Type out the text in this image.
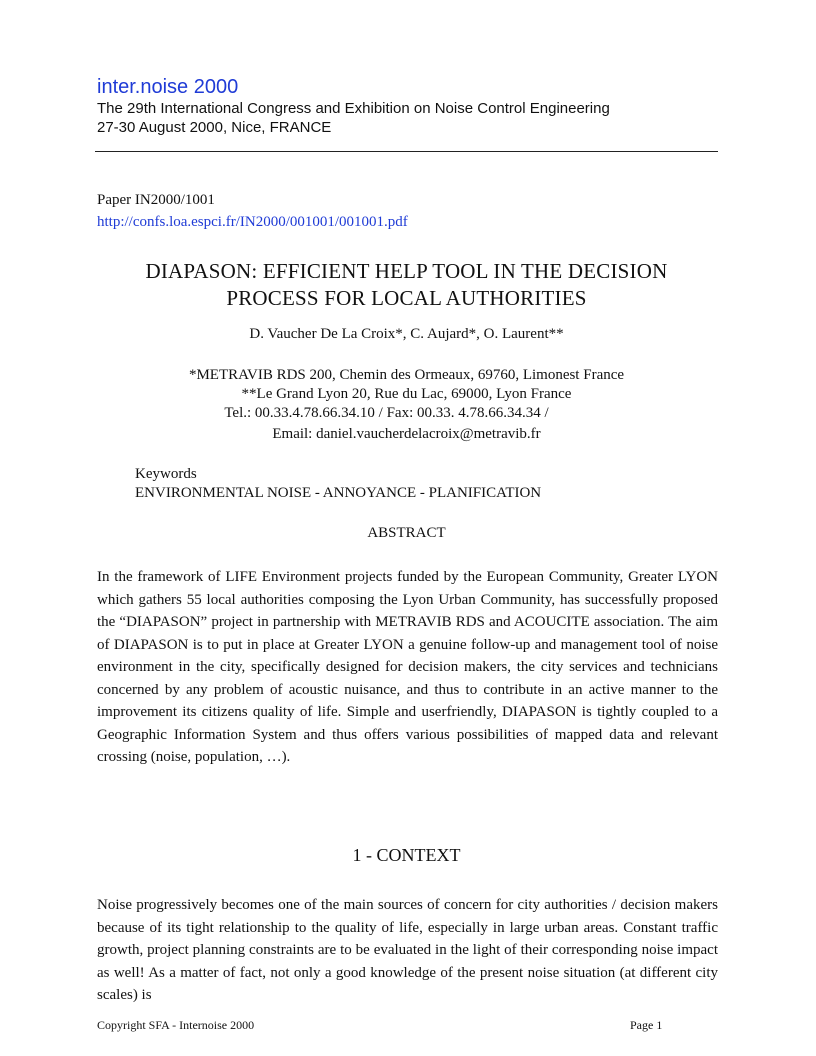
inter.noise 2000
The 29th International Congress and Exhibition on Noise Control Engineering
27-30 August 2000, Nice, FRANCE
Paper IN2000/1001
http://confs.loa.espci.fr/IN2000/001001/001001.pdf
DIAPASON: EFFICIENT HELP TOOL IN THE DECISION
PROCESS FOR LOCAL AUTHORITIES
D. Vaucher De La Croix*, C. Aujard*, O. Laurent**
*METRAVIB RDS 200, Chemin des Ormeaux, 69760, Limonest France
**Le Grand Lyon 20, Rue du Lac, 69000, Lyon France
Tel.: 00.33.4.78.66.34.10 / Fax: 00.33. 4.78.66.34.34 /
Email: daniel.vaucherdelacroix@metravib.fr
Keywords
ENVIRONMENTAL NOISE - ANNOYANCE - PLANIFICATION
ABSTRACT
In the framework of LIFE Environment projects funded by the European Community, Greater LYON which gathers 55 local authorities composing the Lyon Urban Community, has successfully proposed the “DIAPASON” project in partnership with METRAVIB RDS and ACOUCITE association. The aim of DIAPASON is to put in place at Greater LYON a genuine follow-up and management tool of noise environment in the city, specifically designed for decision makers, the city services and technicians concerned by any problem of acoustic nuisance, and thus to contribute in an active manner to the improvement its citizens quality of life. Simple and userfriendly, DIAPASON is tightly coupled to a Geographic Information System and thus offers various possibilities of mapped data and relevant crossing (noise, population, …).
1 - CONTEXT
Noise progressively becomes one of the main sources of concern for city authorities / decision makers because of its tight relationship to the quality of life, especially in large urban areas. Constant traffic growth, project planning constraints are to be evaluated in the light of their corresponding noise impact as well! As a matter of fact, not only a good knowledge of the present noise situation (at different city scales) is
Copyright SFA - Internoise 2000	Page 1
